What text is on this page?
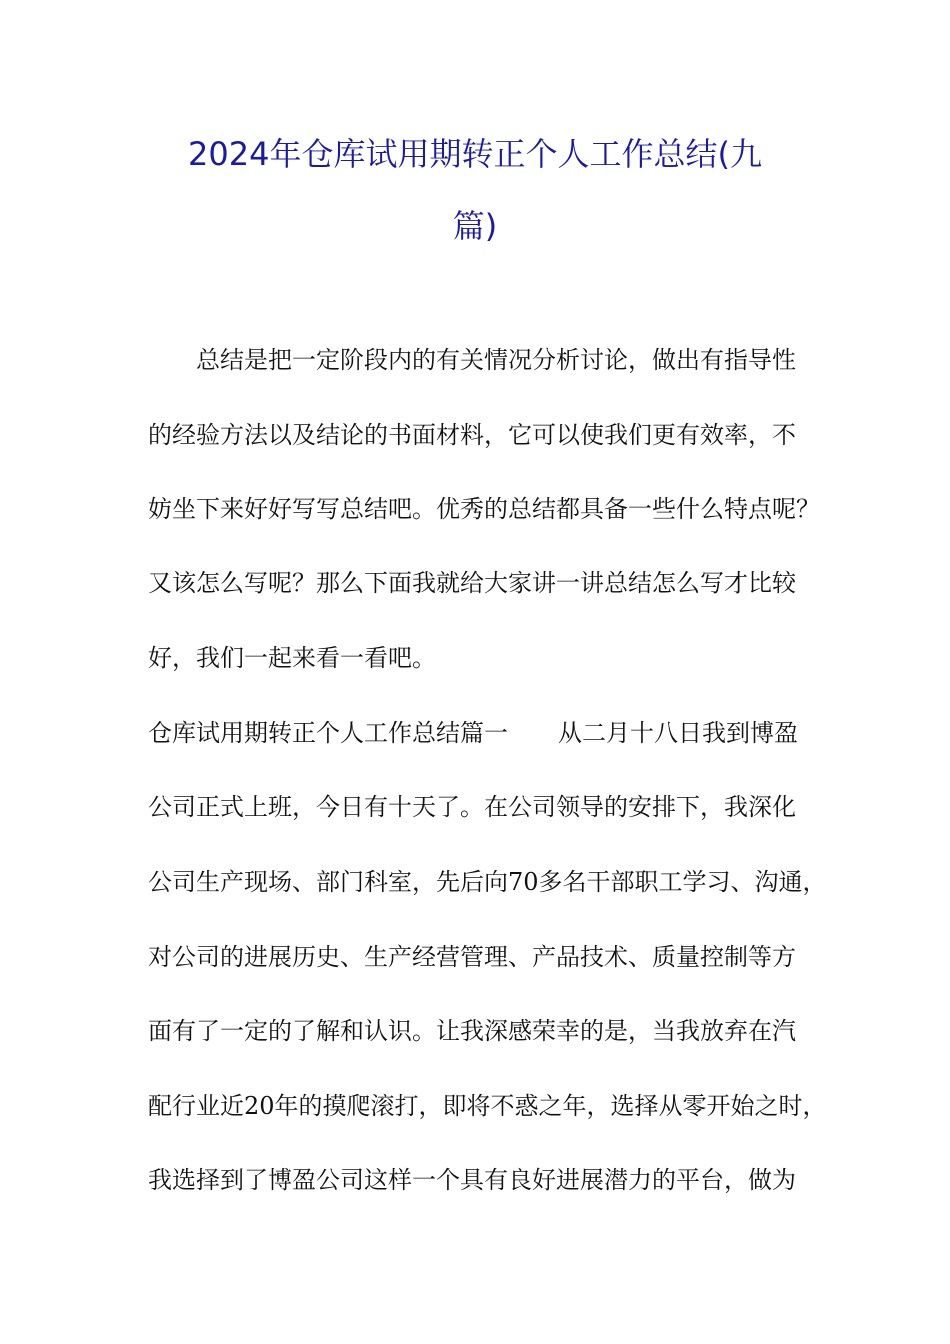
2024年仓库试用期转正个人工作总结(九
篇)
总结是把一定阶段内的有关情况分析讨论，做出有指导性
的经验方法以及结论的书面材料，它可以使我们更有效率，不
妨坐下来好好写写总结吧。优秀的总结都具备一些什么特点呢？
又该怎么写呢？那么下面我就给大家讲一讲总结怎么写才比较
好，我们一起来看一看吧。
仓库试用期转正个人工作总结篇一 从二月十八日我到博盈
公司正式上班，今日有十天了。在公司领导的安排下，我深化
公司生产现场、部门科室，先后向70多名干部职工学习、沟通，
对公司的进展历史、生产经营管理、产品技术、质量控制等方
面有了一定的了解和认识。让我深感荣幸的是，当我放弃在汽
配行业近20年的摸爬滚打，即将不惑之年，选择从零开始之时，
我选择到了博盈公司这样一个具有良好进展潜力的平台，做为
